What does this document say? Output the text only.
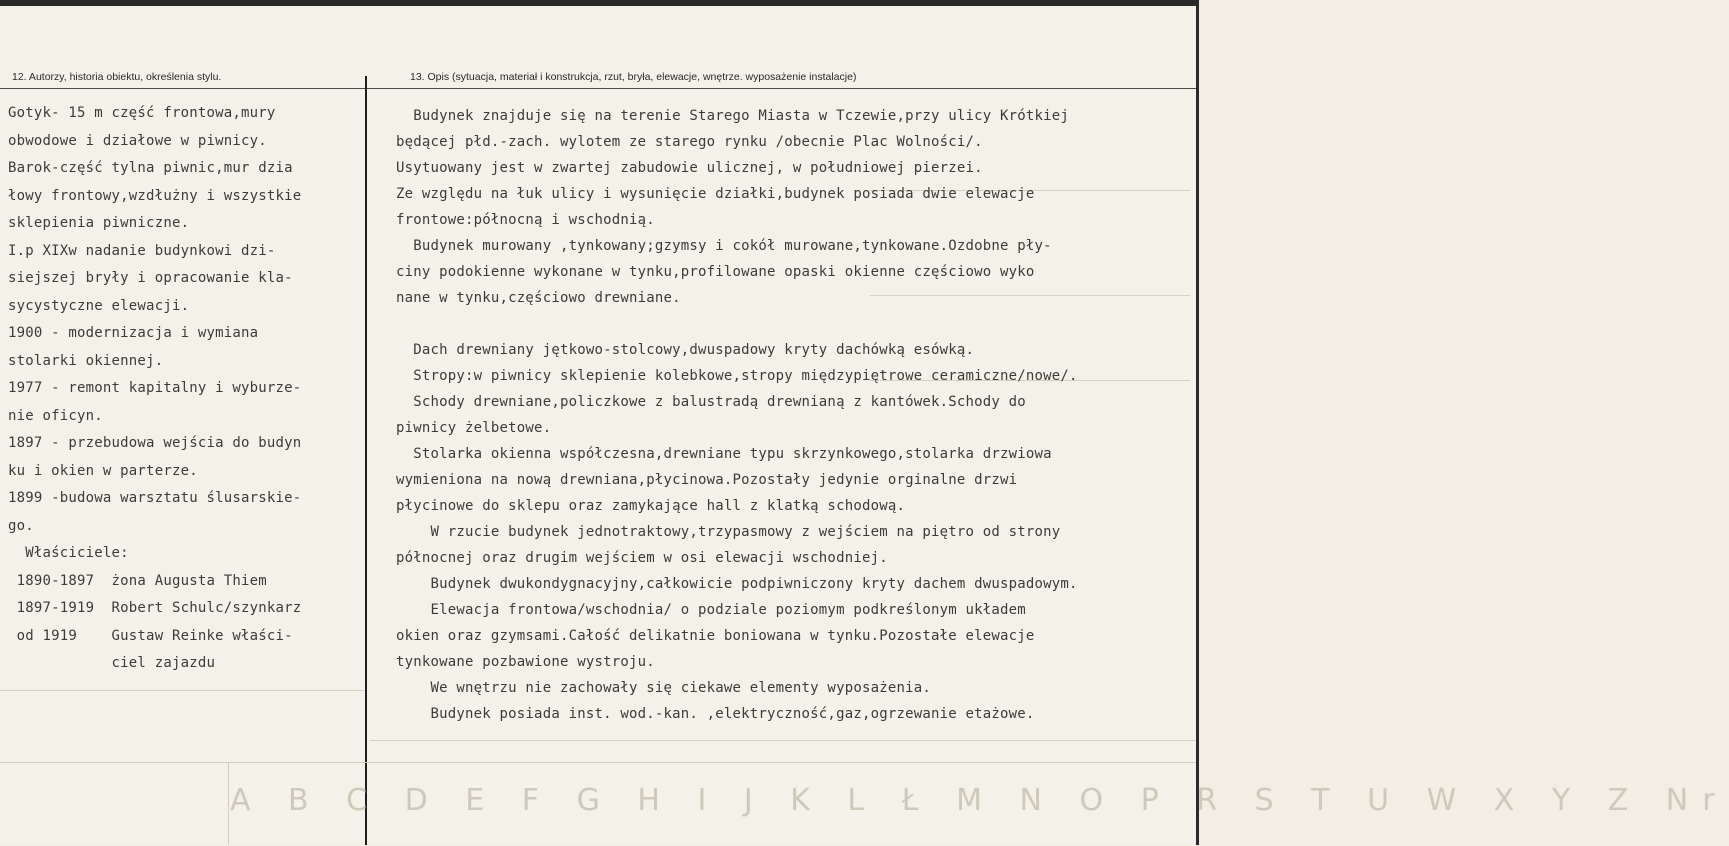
12. Autorzy, historia obiektu, określenia stylu.	13. Opis (sytuacja, materiał i konstrukcja, rzut, bryła, elewacje, wnętrze. wyposażenie instalacje)
Gotyk- 15 m część frontowa,mury
obwodowe i działowe w piwnicy.
Barok-część tylna piwnic,mur dzia
łowy frontowy,wzdłużny i wszystkie
sklepienia piwniczne.
I.p XIXw nadanie budynkowi dzi-
siejszej bryły i opracowanie kla-
sycystyczne elewacji.
1900 - modernizacja i wymiana
stolarki okiennej.
1977 - remont kapitalny i wyburze-
nie oficyn.
1897 - przebudowa wejścia do budyn
ku i okien w parterze.
1899 -budowa warsztatu ślusarskie-
go.
Właściciele:
1890-1897  żona Augusta Thiem
1897-1919  Robert Schulc/szynkarz
od 1919    Gustaw Reinke właści-
ciel zajazdu
Budynek znajduje się na terenie Starego Miasta w Tczewie,przy ulicy Krótkiej
będącej płd.-zach. wylotem ze starego rynku /obecnie Plac Wolności/.
Usytuowany jest w zwartej zabudowie ulicznej, w południowej pierzei.
Ze względu na łuk ulicy i wysunięcie działki,budynek posiada dwie elewacje
frontowe:północną i wschodnią.
Budynek murowany ,tynkowany;gzymsy i cokół murowane,tynkowane.Ozdobne pły-
ciny podokienne wykonane w tynku,profilowane opaski okienne częściowo wyko
nane w tynku,częściowo drewniane.

Dach drewniany jętkowo-stolcowy,dwuspadowy kryty dachówką esówką.
Stropy:w piwnicy sklepienie kolebkowe,stropy międzypiętrowe ceramiczne/nowe/.
Schody drewniane,policzkowe z balustradą drewnianą z kantówek.Schody do
piwnicy żelbetowe.
Stolarka okienna współczesna,drewniane typu skrzynkowego,stolarka drzwiowa
wymieniona na nową drewniana,płycinowa.Pozostały jedynie orginalne drzwi
płycinowe do sklepu oraz zamykające hall z klatką schodową.
W rzucie budynek jednotraktowy,trzypasmowy z wejściem na piętro od strony
północnej oraz drugim wejściem w osi elewacji wschodniej.
Budynek dwukondygnacyjny,całkowicie podpiwniczony kryty dachem dwuspadowym.
Elewacja frontowa/wschodnia/ o podziale poziomym podkreślonym układem
okien oraz gzymsami.Całość delikatnie boniowana w tynku.Pozostałe elewacje
tynkowane pozbawione wystroju.
We wnętrzu nie zachowały się ciekawe elementy wyposażenia.
Budynek posiada inst. wod.-kan. ,elektryczność,gaz,ogrzewanie etażowe.
A B C D E F G H I J K L Ł M N O P R S T U W X Y Z Nr
